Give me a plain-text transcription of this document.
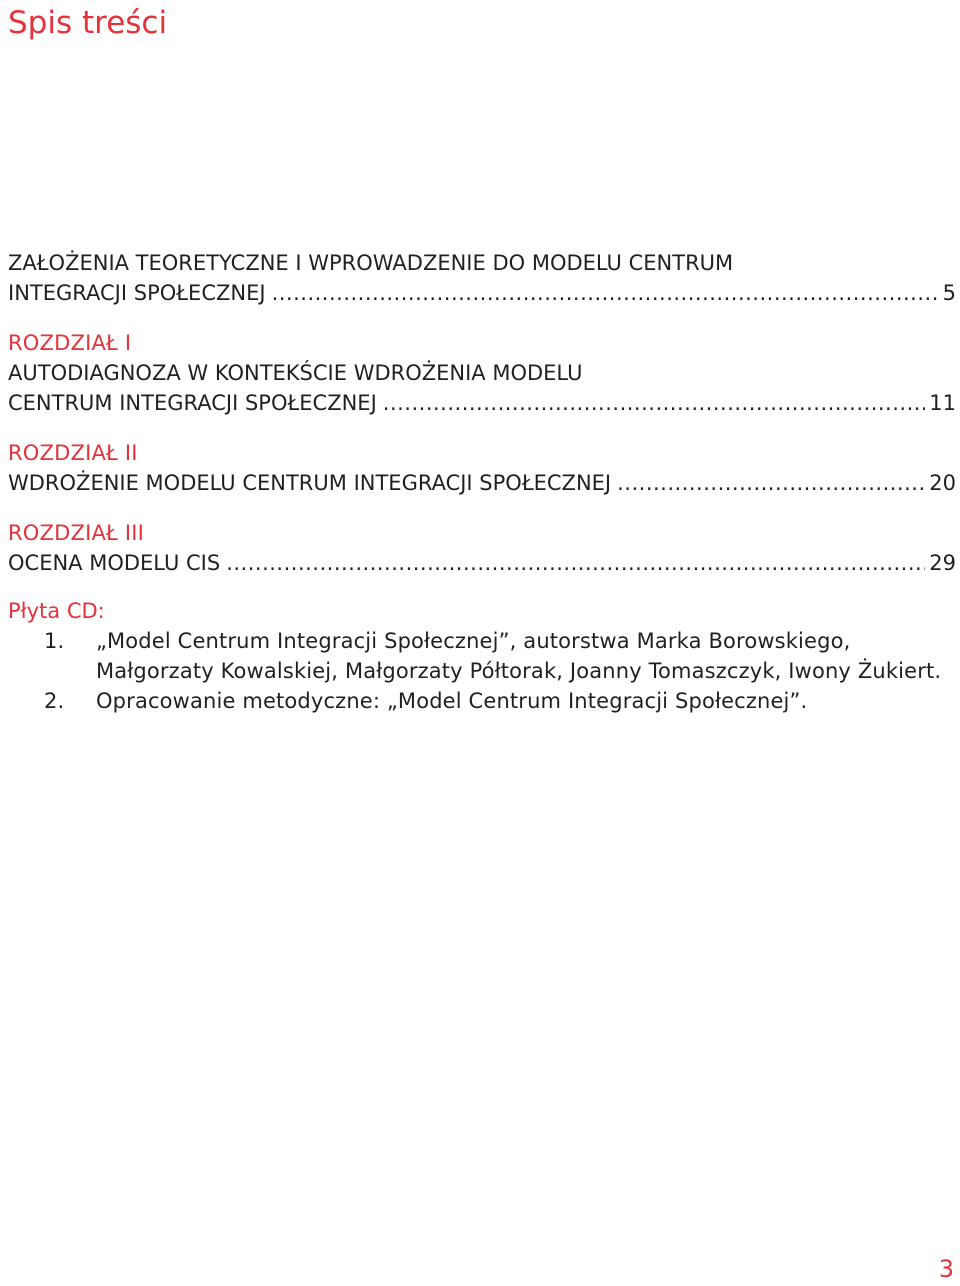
Spis treści
ZAŁOŻENIA TEORETYCZNE I WPROWADZENIE DO MODELU CENTRUM
INTEGRACJI SPOŁECZNEJ .....	5
ROZDZIAŁ I
AUTODIAGNOZA W KONTEKŚCIE WDROŻENIA MODELU
CENTRUM INTEGRACJI SPOŁECZNEJ .....	11
ROZDZIAŁ II
WDROŻENIE MODELU CENTRUM INTEGRACJI SPOŁECZNEJ .....	20
ROZDZIAŁ III
OCENA MODELU CIS .....	29
Płyta CD:
1.	„Model Centrum Integracji Społecznej”, autorstwa Marka Borowskiego, Małgorzaty Kowalskiej, Małgorzaty Półtorak, Joanny Tomaszczyk, Iwony Żukiert.
2.	Opracowanie metodyczne: „Model Centrum Integracji Społecznej”.
3
